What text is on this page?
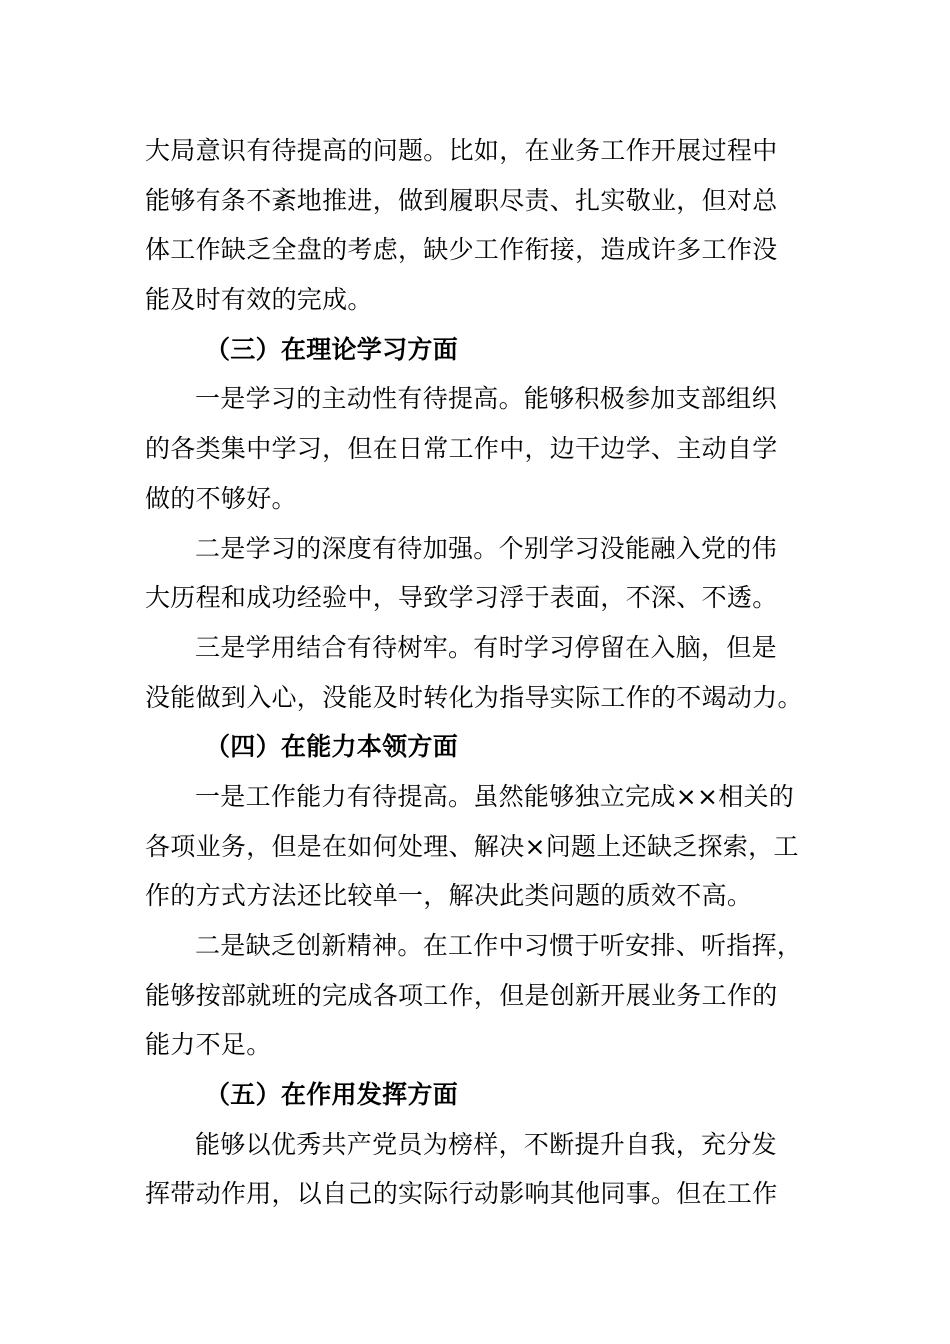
大局意识有待提高的问题。比如，在业务工作开展过程中
能够有条不紊地推进，做到履职尽责、扎实敬业，但对总
体工作缺乏全盘的考虑，缺少工作衔接，造成许多工作没
能及时有效的完成。
（三）在理论学习方面
一是学习的主动性有待提高。能够积极参加支部组织
的各类集中学习，但在日常工作中，边干边学、主动自学
做的不够好。
二是学习的深度有待加强。个别学习没能融入党的伟
大历程和成功经验中，导致学习浮于表面，不深、不透。
三是学用结合有待树牢。有时学习停留在入脑，但是
没能做到入心，没能及时转化为指导实际工作的不竭动力。
（四）在能力本领方面
一是工作能力有待提高。虽然能够独立完成××相关的
各项业务，但是在如何处理、解决×问题上还缺乏探索，工
作的方式方法还比较单一，解决此类问题的质效不高。
二是缺乏创新精神。在工作中习惯于听安排、听指挥，
能够按部就班的完成各项工作，但是创新开展业务工作的
能力不足。
（五）在作用发挥方面
能够以优秀共产党员为榜样，不断提升自我，充分发
挥带动作用，以自己的实际行动影响其他同事。但在工作
